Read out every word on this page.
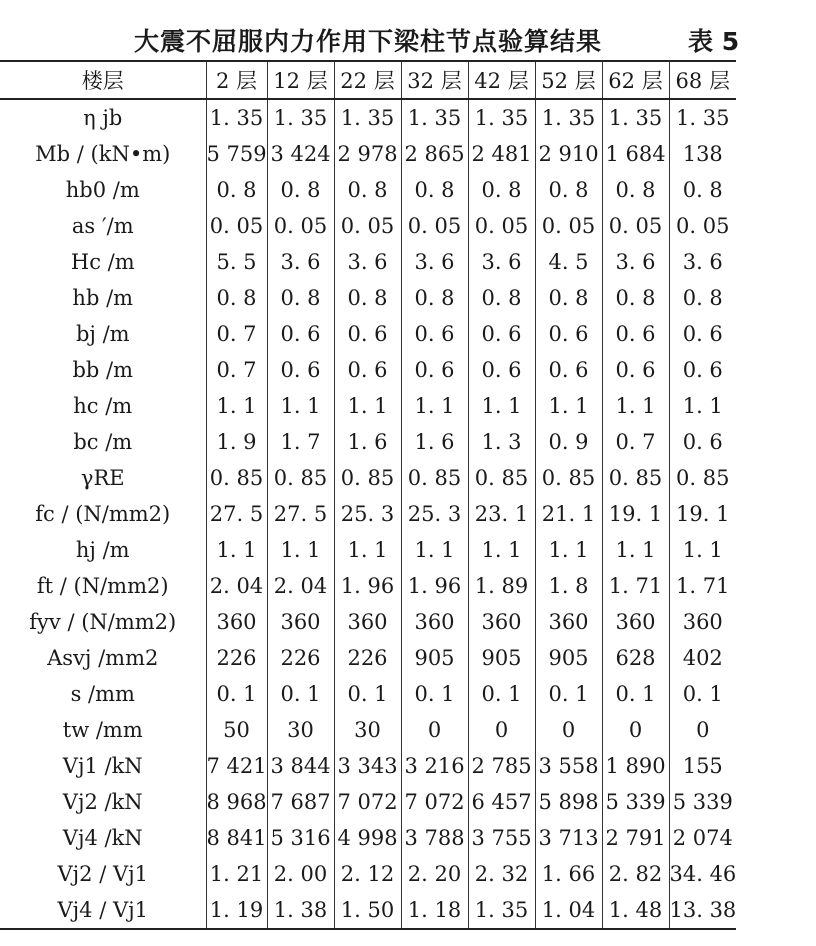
大震不屈服内力作用下梁柱节点验算结果	表 5
楼层	2 层	12 层	22 层	32 层	42 层	52 层	62 层	68 层
η jb	1. 35	1. 35	1. 35	1. 35	1. 35	1. 35	1. 35	1. 35
Mb / (kN•m)	5 759	3 424	2 978	2 865	2 481	2 910	1 684	138
hb0 /m	0. 8	0. 8	0. 8	0. 8	0. 8	0. 8	0. 8	0. 8
as ′/m	0. 05	0. 05	0. 05	0. 05	0. 05	0. 05	0. 05	0. 05
Hc /m	5. 5	3. 6	3. 6	3. 6	3. 6	4. 5	3. 6	3. 6
hb /m	0. 8	0. 8	0. 8	0. 8	0. 8	0. 8	0. 8	0. 8
bj /m	0. 7	0. 6	0. 6	0. 6	0. 6	0. 6	0. 6	0. 6
bb /m	0. 7	0. 6	0. 6	0. 6	0. 6	0. 6	0. 6	0. 6
hc /m	1. 1	1. 1	1. 1	1. 1	1. 1	1. 1	1. 1	1. 1
bc /m	1. 9	1. 7	1. 6	1. 6	1. 3	0. 9	0. 7	0. 6
γRE	0. 85	0. 85	0. 85	0. 85	0. 85	0. 85	0. 85	0. 85
fc / (N/mm2)	27. 5	27. 5	25. 3	25. 3	23. 1	21. 1	19. 1	19. 1
hj /m	1. 1	1. 1	1. 1	1. 1	1. 1	1. 1	1. 1	1. 1
ft / (N/mm2)	2. 04	2. 04	1. 96	1. 96	1. 89	1. 8	1. 71	1. 71
fyv / (N/mm2)	360	360	360	360	360	360	360	360
Asvj /mm2	226	226	226	905	905	905	628	402
s /mm	0. 1	0. 1	0. 1	0. 1	0. 1	0. 1	0. 1	0. 1
tw /mm	50	30	30	0	0	0	0	0
Vj1 /kN	7 421	3 844	3 343	3 216	2 785	3 558	1 890	155
Vj2 /kN	8 968	7 687	7 072	7 072	6 457	5 898	5 339	5 339
Vj4 /kN	8 841	5 316	4 998	3 788	3 755	3 713	2 791	2 074
Vj2 / Vj1	1. 21	2. 00	2. 12	2. 20	2. 32	1. 66	2. 82	34. 46
Vj4 / Vj1	1. 19	1. 38	1. 50	1. 18	1. 35	1. 04	1. 48	13. 38
